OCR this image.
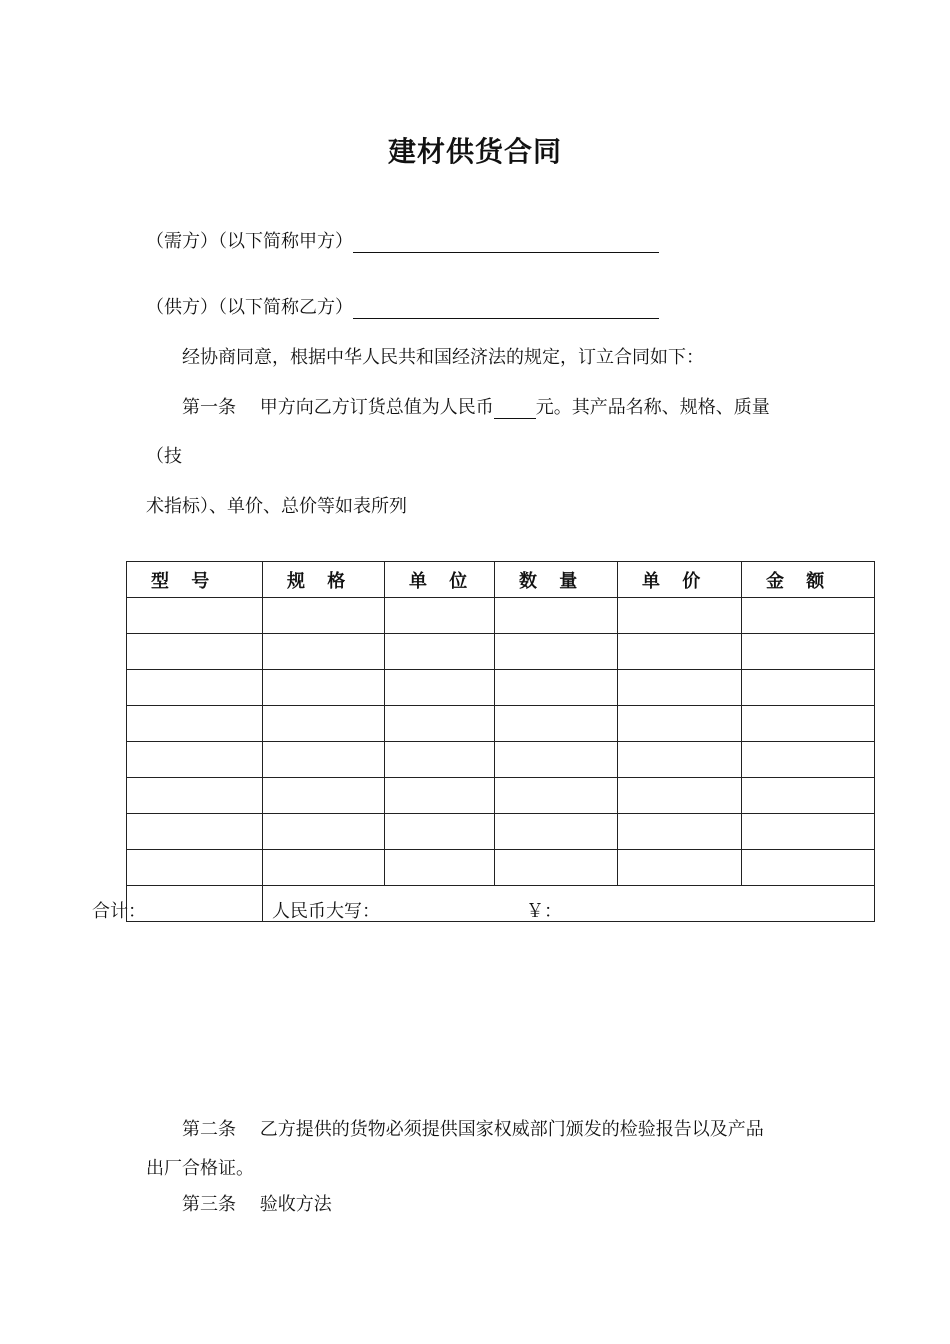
建材供货合同
（需方）（以下简称甲方）
（供方）（以下简称乙方）
经协商同意，根据中华人民共和国经济法的规定，订立合同如下：
第一条　 甲方向乙方订货总值为人民币 元。其产品名称、规格、质量
（技
术指标）、单价、总价等如表所列
型 号	规 格	单 位	数 量	单 价	金 额

合计：	人民币大写：	￥：
第二条　 乙方提供的货物必须提供国家权威部门颁发的检验报告以及产品
出厂合格证。
第三条　 验收方法
